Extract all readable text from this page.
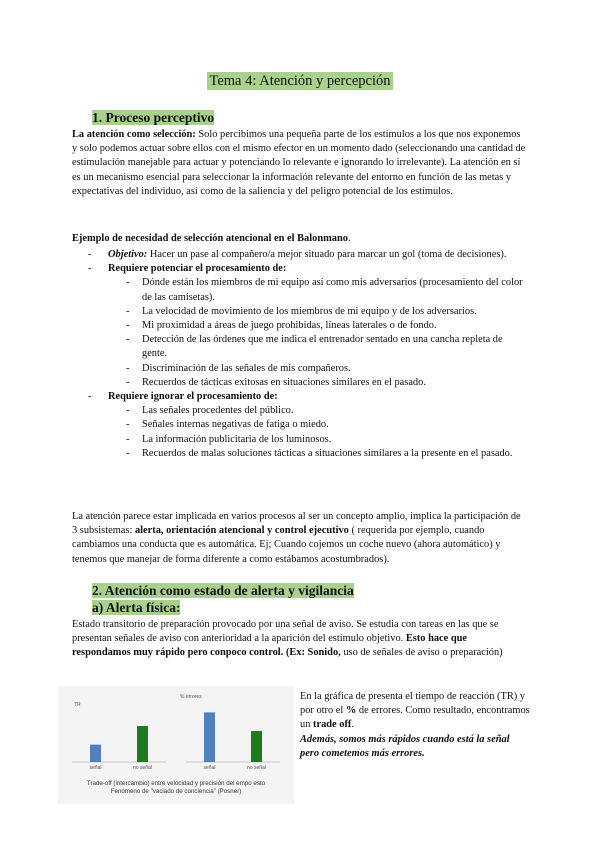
Tema 4: Atención y percepción
1. Proceso perceptivo
La atención como selección: Solo percibimos una pequeña parte de los estímulos a los que nos exponemos y solo podemos actuar sobre ellos con el mismo efector en un momento dado (seleccionando una cantidad de estimulación manejable para actuar y potenciando lo relevante e ignorando lo irrelevante). La atención en sí es un mecanismo esencial para seleccionar la información relevante del entorno en función de las metas y expectativas del individuo, así como de la saliencia y del peligro potencial de los estímulos.
Ejemplo de necesidad de selección atencional en el Balonmano.
- Objetivo: Hacer un pase al compañero/a mejor situado para marcar un gol (toma de decisiones).
- Requiere potenciar el procesamiento de:
- Dónde están los miembros de mi equipo así como mis adversarios (procesamiento del color de las camisetas).
- La velocidad de movimiento de los miembros de mi equipo y de los adversarios.
- Mi proximidad a áreas de juego prohibidas, líneas laterales o de fondo.
- Detección de las órdenes que me indica el entrenador sentado en una cancha repleta de gente.
- Discriminación de las señales de mis compañeros.
- Recuerdos de tácticas exitosas en situaciones similares en el pasado.
- Requiere ignorar el procesamiento de:
- Las señales procedentes del público.
- Señales internas negativas de fatiga o miedo.
- La información publicitaria de los luminosos.
- Recuerdos de malas soluciones tácticas a situaciones similares a la presente en el pasado.
La atención parece estar implicada en varios procesos al ser un concepto amplio, implica la participación de 3 subsistemas: alerta, orientación atencional y control ejecutivo ( requerida por ejemplo, cuando cambiamos una conducta que es automática. Ej; Cuando cojemos un coche nuevo (ahora automático) y tenemos que manejar de forma diferente a como estábamos acostumbrados).
2. Atención como estado de alerta y vigilancia
a) Alerta física:
Estado transitorio de preparación provocado por una señal de aviso. Se estudia con tareas en las que se presentan señales de aviso con anterioridad a la aparición del estímulo objetivo. Esto hace que respondamos muy rápido pero conpoco control. (Ex: Sonido, uso de señales de aviso o preparación)
TR
señal	no señal
% errores
señal	no señal
Trade-off (intercambio) entre velocidad y precisión del empo esto
Fenómeno de "vaciado de conciencia" (Posner)
En la gráfica de presenta el tiempo de reacción (TR) y por otro el % de errores. Como resultado, encontramos un trade off.
Además, somos más rápidos cuando está la señal pero cometemos más errores.
